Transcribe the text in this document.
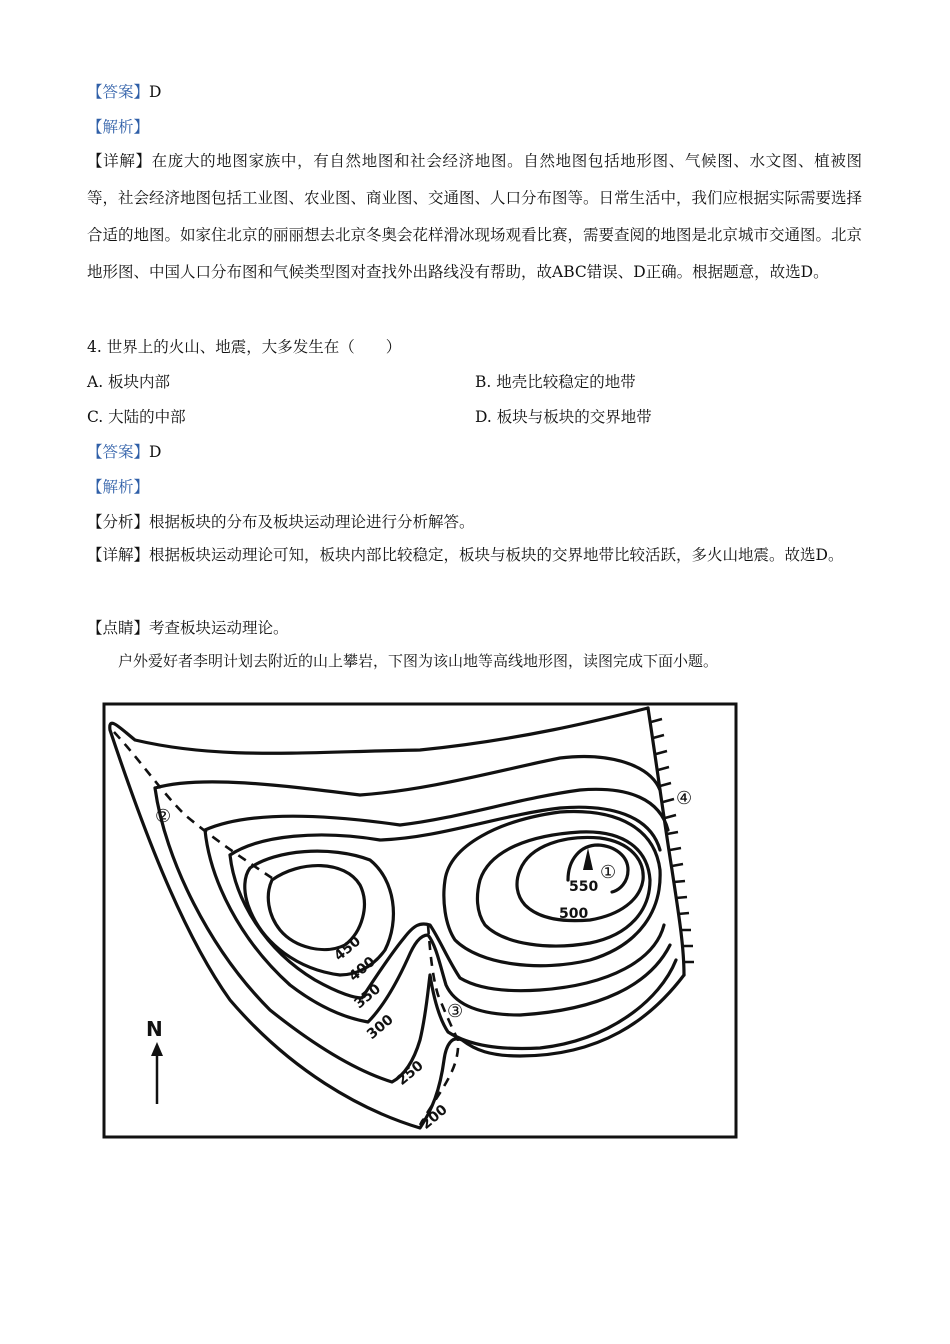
【答案】D
【解析】
【详解】在庞大的地图家族中，有自然地图和社会经济地图。自然地图包括地形图、气候图、水文图、植被图等，社会经济地图包括工业图、农业图、商业图、交通图、人口分布图等。日常生活中，我们应根据实际需要选择合适的地图。如家住北京的丽丽想去北京冬奥会花样滑冰现场观看比赛，需要查阅的地图是北京城市交通图。北京地形图、中国人口分布图和气候类型图对查找外出路线没有帮助，故ABC错误、D正确。根据题意，故选D。
4. 世界上的火山、地震，大多发生在（　　）
A. 板块内部	B. 地壳比较稳定的地带
C. 大陆的中部	D. 板块与板块的交界地带
【答案】D
【解析】
【分析】根据板块的分布及板块运动理论进行分析解答。
【详解】根据板块运动理论可知，板块内部比较稳定，板块与板块的交界地带比较活跃，多火山地震。故选D。
【点睛】考查板块运动理论。
户外爱好者李明计划去附近的山上攀岩，下图为该山地等高线地形图，读图完成下面小题。
550
500
450
400
350
300
250
200
①
②
③
④
N
